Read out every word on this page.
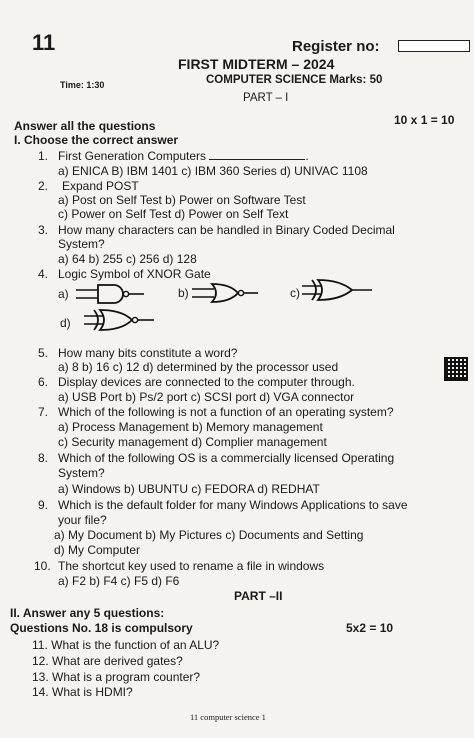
11	Register no:
FIRST MIDTERM – 2024
Time: 1:30	COMPUTER SCIENCE Marks: 50
PART – I
Answer all the questions	10 x 1 = 10
I. Choose the correct answer
1. First Generation Computers	.
a) ENICA B) IBM 1401 c) IBM 360 Series d) UNIVAC 1108
2. Expand POST
a) Post on Self Test b) Power on Software Test
c) Power on Self Test d) Power on Self Text
3. How many characters can be handled in Binary Coded Decimal
System?
a) 64 b) 255 c) 256 d) 128
4. Logic Symbol of XNOR Gate
a)	b)	c)
d)
5. How many bits constitute a word?
a) 8 b) 16 c) 12 d) determined by the processor used
6. Display devices are connected to the computer through.
a) USB Port b) Ps/2 port c) SCSI port d) VGA connector
7. Which of the following is not a function of an operating system?
a) Process Management b) Memory management
c) Security management d) Complier management
8. Which of the following OS is a commercially licensed Operating
System?
a) Windows b) UBUNTU c) FEDORA d) REDHAT
9. Which is the default folder for many Windows Applications to save
your file?
a) My Document b) My Pictures c) Documents and Setting
d) My Computer
10. The shortcut key used to rename a file in windows
a) F2 b) F4 c) F5 d) F6
PART –II
II. Answer any 5 questions:
Questions No. 18 is compulsory	5x2 = 10
11. What is the function of an ALU?
12. What are derived gates?
13. What is a program counter?
14. What is HDMI?
11 computer science 1
